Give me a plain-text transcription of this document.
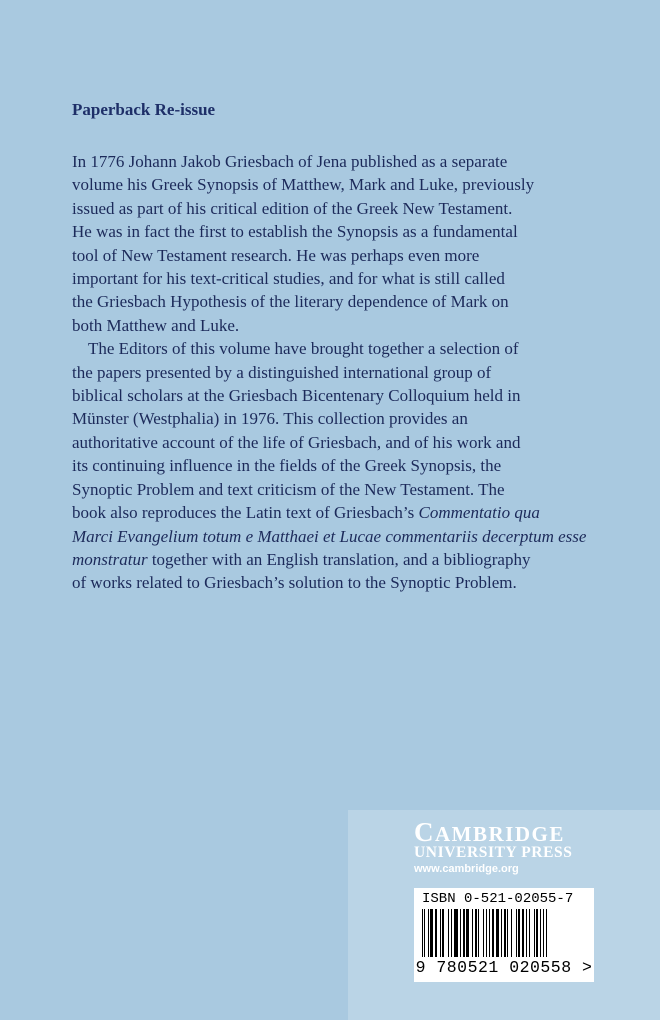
Paperback Re-issue

In 1776 Johann Jakob Griesbach of Jena published as a separate
volume his Greek Synopsis of Matthew, Mark and Luke, previously
issued as part of his critical edition of the Greek New Testament.
He was in fact the first to establish the Synopsis as a fundamental
tool of New Testament research. He was perhaps even more
important for his text-critical studies, and for what is still called
the Griesbach Hypothesis of the literary dependence of Mark on
both Matthew and Luke.

The Editors of this volume have brought together a selection of
the papers presented by a distinguished international group of
biblical scholars at the Griesbach Bicentenary Colloquium held in
Münster (Westphalia) in 1976. This collection provides an
authoritative account of the life of Griesbach, and of his work and
its continuing influence in the fields of the Greek Synopsis, the
Synoptic Problem and text criticism of the New Testament. The
book also reproduces the Latin text of Griesbach’s Commentatio qua
Marci Evangelium totum e Matthaei et Lucae commentariis decerptum esse
monstratur together with an English translation, and a bibliography
of works related to Griesbach’s solution to the Synoptic Problem.

CAMBRIDGE
UNIVERSITY PRESS
www.cambridge.org
ISBN 0-521-02055-7
9 780521 020558 >
